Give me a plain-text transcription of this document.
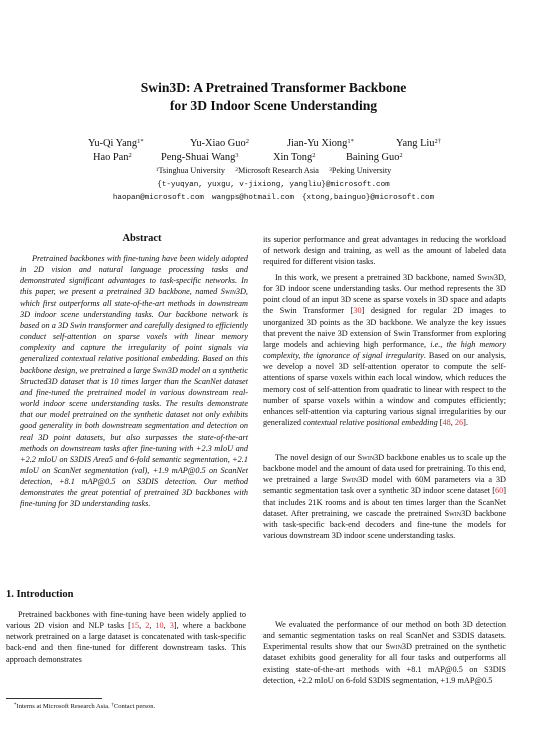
Swin3D: A Pretrained Transformer Backbone
for 3D Indoor Scene Understanding
Yu-Qi Yang$^{1*}$	Yu-Xiao Guo$^2$	Jian-Yu Xiong$^{1*}$	Yang Liu$^{2\dagger}$
Hao Pan$^2$	Peng-Shuai Wang$^3$	Xin Tong$^2$	Baining Guo$^2$
$^1$Tsinghua University $^2$Microsoft Research Asia $^3$Peking University
{t-yuqyan, yuxgu, v-jixiong, yangliu}@microsoft.com
haopan@microsoft.com wangps@hotmail.com {xtong,bainguo}@microsoft.com
Abstract

Pretrained backbones with fine-tuning have been widely adopted in 2D vision and natural language processing tasks and demonstrated significant advantages to task-specific networks. In this paper, we present a pretrained 3D backbone, named Swin3D, which first outperforms all state-of-the-art methods in downstream 3D indoor scene understanding tasks. Our backbone network is based on a 3D Swin transformer and carefully designed to efficiently conduct self-attention on sparse voxels with linear memory complexity and capture the irregularity of point signals via generalized contextual relative positional embedding. Based on this backbone design, we pretrained a large Swin3D model on a synthetic Structed3D dataset that is 10 times larger than the ScanNet dataset and fine-tuned the pretrained model in various downstream real-world indoor scene understanding tasks. The results demonstrate that our model pretrained on the synthetic dataset not only exhibits good generality in both downstream segmentation and detection on real 3D point datasets, but also surpasses the state-of-the-art methods on downstream tasks after fine-tuning with +2.3 mIoU and +2.2 mIoU on S3DIS Area5 and 6-fold semantic segmentation, +2.1 mIoU on ScanNet segmentation (val), +1.9 mAP@0.5 on ScanNet detection, +8.1 mAP@0.5 on S3DIS detection. Our method demonstrates the great potential of pretrained 3D backbones with fine-tuning for 3D understanding tasks.

1. Introduction

Pretrained backbones with fine-tuning have been widely applied to various 2D vision and NLP tasks [15, 2, 10, 3], where a backbone network pretrained on a large dataset is concatenated with task-specific back-end and then fine-tuned for different downstream tasks. This approach demonstrates

*Interns at Microsoft Research Asia. †Contact person.

its superior performance and great advantages in reducing the workload of network design and training, as well as the amount of labeled data required for different vision tasks.

In this work, we present a pretrained 3D backbone, named Swin3D, for 3D indoor scene understanding tasks. Our method represents the 3D point cloud of an input 3D scene as sparse voxels in 3D space and adapts the Swin Transformer [30] designed for regular 2D images to unorganized 3D points as the 3D backbone. We analyze the key issues that prevent the naive 3D extension of Swin Transformer from exploring large models and achieving high performance, i.e., the high memory complexity, the ignorance of signal irregularity. Based on our analysis, we develop a novel 3D self-attention operator to compute the self-attentions of sparse voxels within each local window, which reduces the memory cost of self-attention from quadratic to linear with respect to the number of sparse voxels within a window and computes efficiently; enhances self-attention via capturing various signal irregularities by our generalized contextual relative positional embedding [48, 26].

The novel design of our Swin3D backbone enables us to scale up the backbone model and the amount of data used for pretraining. To this end, we pretrained a large Swin3D model with 60M parameters via a 3D semantic segmentation task over a synthetic 3D indoor scene dataset [60] that includes 21K rooms and is about ten times larger than the ScanNet dataset. After pretraining, we cascade the pretrained Swin3D backbone with task-specific back-end decoders and fine-tune the models for various downstream 3D indoor scene understanding tasks.

We evaluated the performance of our method on both 3D detection and semantic segmentation tasks on real ScanNet and S3DIS datasets. Experimental results show that our Swin3D pretrained on the synthetic dataset exhibits good generality for all four tasks and outperforms all existing state-of-the-art methods with +8.1 mAP@0.5 on S3DIS detection, +2.2 mIoU on 6-fold S3DIS segmentation, +1.9 mAP@0.5
